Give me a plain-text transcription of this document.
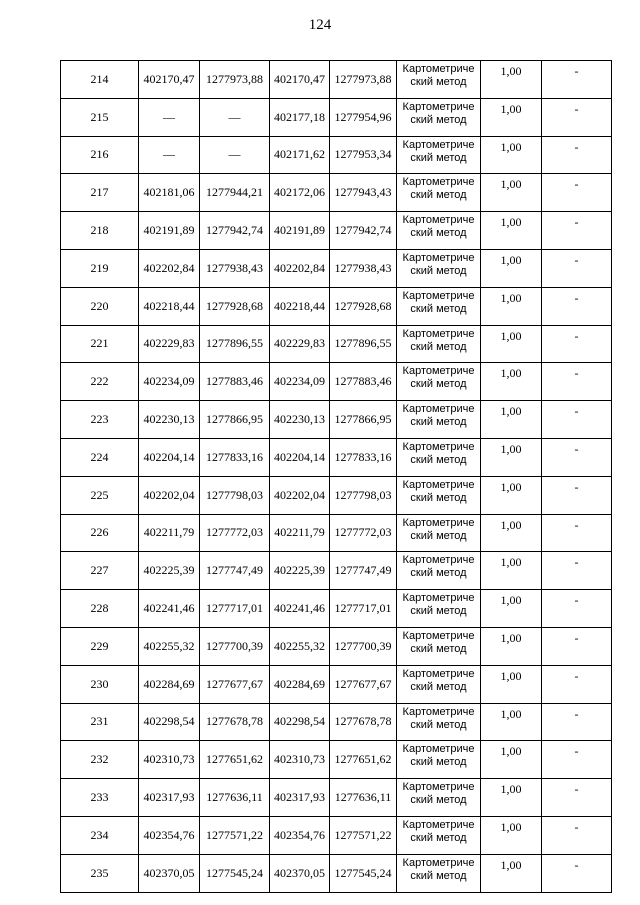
124
214	402170,47	1277973,88	402170,47	1277973,88	Картометриче
ский метод	1,00	-
215	—	—	402177,18	1277954,96	Картометриче
ский метод	1,00	-
216	—	—	402171,62	1277953,34	Картометриче
ский метод	1,00	-
217	402181,06	1277944,21	402172,06	1277943,43	Картометриче
ский метод	1,00	-
218	402191,89	1277942,74	402191,89	1277942,74	Картометриче
ский метод	1,00	-
219	402202,84	1277938,43	402202,84	1277938,43	Картометриче
ский метод	1,00	-
220	402218,44	1277928,68	402218,44	1277928,68	Картометриче
ский метод	1,00	-
221	402229,83	1277896,55	402229,83	1277896,55	Картометриче
ский метод	1,00	-
222	402234,09	1277883,46	402234,09	1277883,46	Картометриче
ский метод	1,00	-
223	402230,13	1277866,95	402230,13	1277866,95	Картометриче
ский метод	1,00	-
224	402204,14	1277833,16	402204,14	1277833,16	Картометриче
ский метод	1,00	-
225	402202,04	1277798,03	402202,04	1277798,03	Картометриче
ский метод	1,00	-
226	402211,79	1277772,03	402211,79	1277772,03	Картометриче
ский метод	1,00	-
227	402225,39	1277747,49	402225,39	1277747,49	Картометриче
ский метод	1,00	-
228	402241,46	1277717,01	402241,46	1277717,01	Картометриче
ский метод	1,00	-
229	402255,32	1277700,39	402255,32	1277700,39	Картометриче
ский метод	1,00	-
230	402284,69	1277677,67	402284,69	1277677,67	Картометриче
ский метод	1,00	-
231	402298,54	1277678,78	402298,54	1277678,78	Картометриче
ский метод	1,00	-
232	402310,73	1277651,62	402310,73	1277651,62	Картометриче
ский метод	1,00	-
233	402317,93	1277636,11	402317,93	1277636,11	Картометриче
ский метод	1,00	-
234	402354,76	1277571,22	402354,76	1277571,22	Картометриче
ский метод	1,00	-
235	402370,05	1277545,24	402370,05	1277545,24	Картометриче
ский метод	1,00	-
